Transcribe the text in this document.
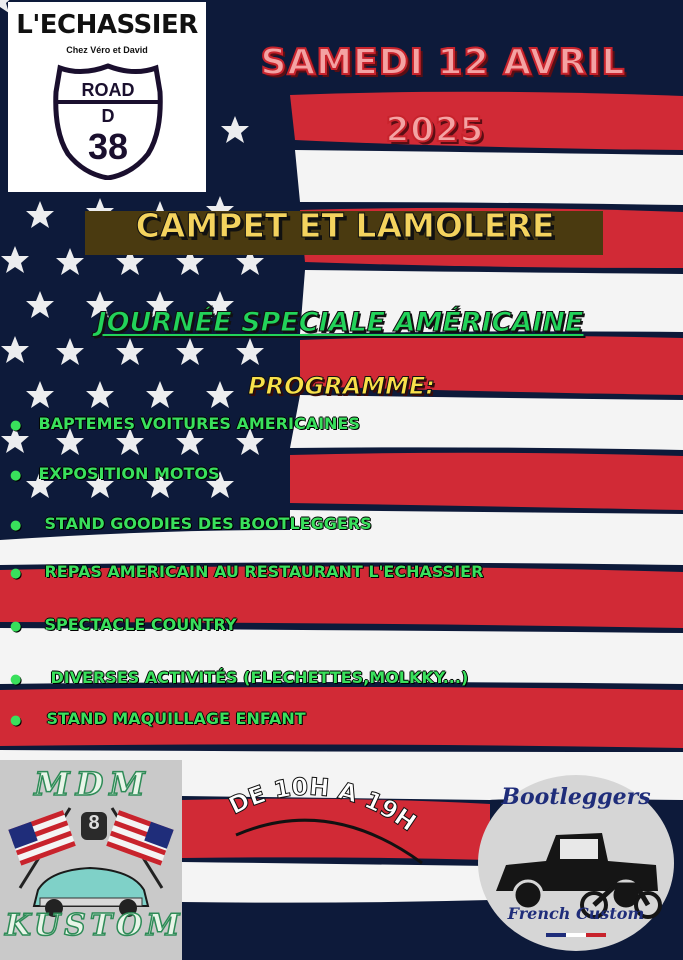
L'ECHASSIER
Chez Véro et David
ROAD
D
38
SAMEDI 12 AVRIL
2025
CAMPET ET LAMOLERE
JOURNÉE SPECIALE AMÉRICAINE
PROGRAMME:
● BAPTEMES VOITURES AMERICAINES
● EXPOSITION MOTOS
● STAND GOODIES DES BOOTLEGGERS
● REPAS AMERICAIN AU RESTAURANT L'ECHASSIER
● SPECTACLE COUNTRY
● DIVERSES ACTIVITÉS (FLECHETTES,MOLKKY...)
● STAND MAQUILLAGE ENFANT
MDM
8
KUSTOM
DE 10H A 19H
Bootleggers
French Custom
